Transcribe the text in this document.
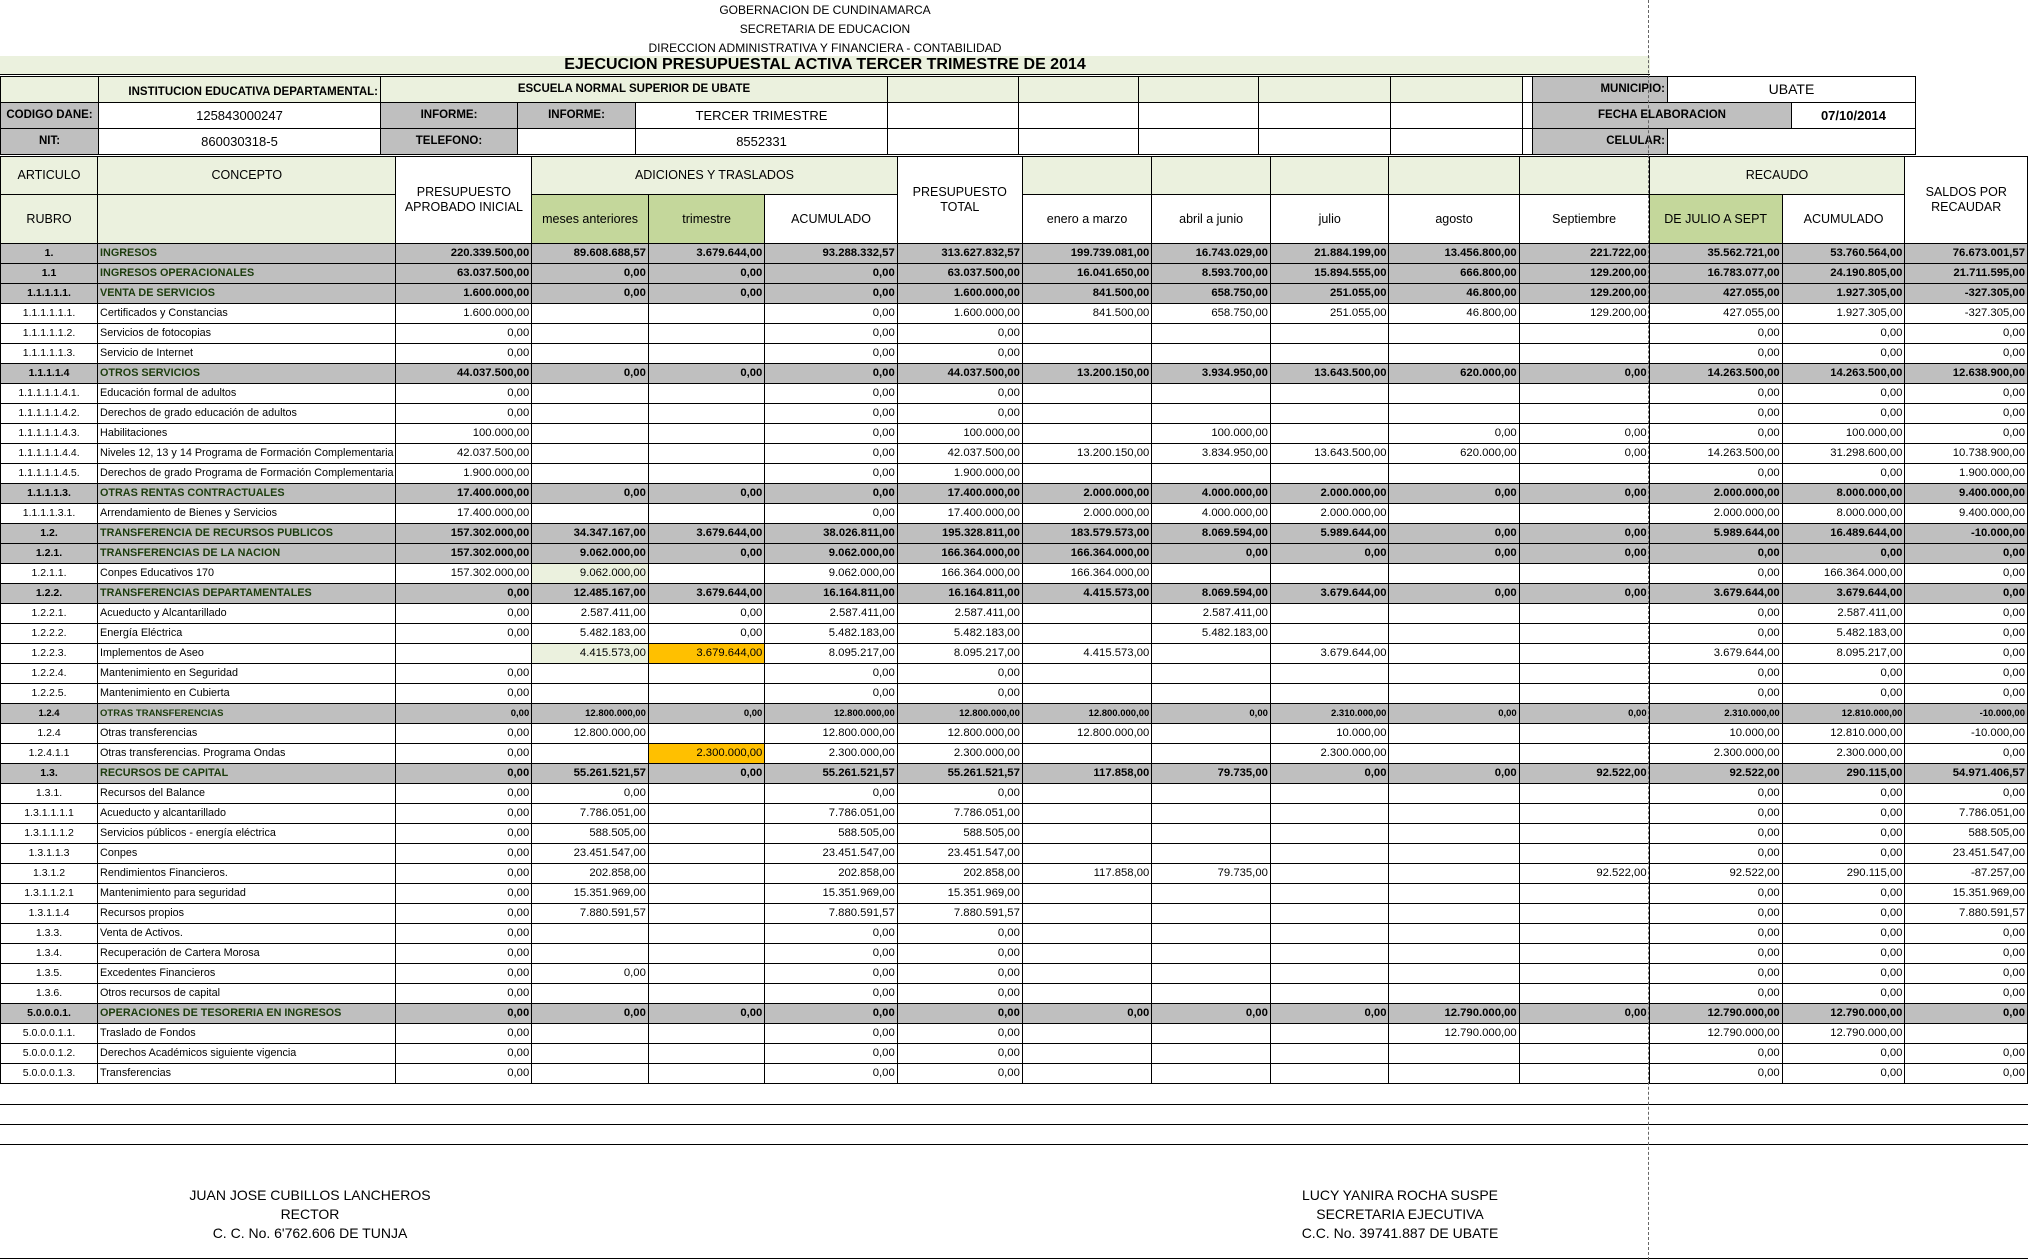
GOBERNACION DE CUNDINAMARCA
SECRETARIA DE EDUCACION
DIRECCION ADMINISTRATIVA Y FINANCIERA - CONTABILIDAD
EJECUCION PRESUPUESTAL ACTIVA TERCER TRIMESTRE DE 2014
	INSTITUCION EDUCATIVA DEPARTAMENTAL:	ESCUELA NORMAL SUPERIOR DE UBATE									MUNICIPIO:	UBATE	
CODIGO DANE:	125843000247	INFORME:	INFORME:	TERCER TRIMESTRE							FECHA ELABORACION		07/10/2014
NIT:	860030318-5	TELEFONO:		8552331							CELULAR:		
ARTICULO	CONCEPTO	PRESUPUESTO APROBADO INICIAL	ADICIONES Y TRASLADOS			PRESUPUESTO TOTAL						RECAUDO		SALDOS POR RECAUDAR
RUBRO			meses anteriores	trimestre	ACUMULADO		enero a marzo	abril a junio	julio	agosto	Septiembre	DE JULIO A SEPT	ACUMULADO	
1.	INGRESOS	220.339.500,00	89.608.688,57	3.679.644,00	93.288.332,57	313.627.832,57	199.739.081,00	16.743.029,00	21.884.199,00	13.456.800,00	221.722,00	35.562.721,00	53.760.564,00	76.673.001,57
1.1	INGRESOS OPERACIONALES	63.037.500,00	0,00	0,00	0,00	63.037.500,00	16.041.650,00	8.593.700,00	15.894.555,00	666.800,00	129.200,00	16.783.077,00	24.190.805,00	21.711.595,00
1.1.1.1.1.	VENTA DE SERVICIOS	1.600.000,00	0,00	0,00	0,00	1.600.000,00	841.500,00	658.750,00	251.055,00	46.800,00	129.200,00	427.055,00	1.927.305,00	-327.305,00
1.1.1.1.1.1.	Certificados y Constancias	1.600.000,00			0,00	1.600.000,00	841.500,00	658.750,00	251.055,00	46.800,00	129.200,00	427.055,00	1.927.305,00	-327.305,00
1.1.1.1.1.2.	Servicios de fotocopias	0,00			0,00	0,00						0,00	0,00	0,00
1.1.1.1.1.3.	Servicio de Internet	0,00			0,00	0,00						0,00	0,00	0,00
1.1.1.1.4	OTROS SERVICIOS	44.037.500,00	0,00	0,00	0,00	44.037.500,00	13.200.150,00	3.934.950,00	13.643.500,00	620.000,00	0,00	14.263.500,00	14.263.500,00	12.638.900,00
1.1.1.1.1.4.1.	Educación formal de adultos	0,00			0,00	0,00						0,00	0,00	0,00
1.1.1.1.1.4.2.	Derechos de grado educación de adultos	0,00			0,00	0,00						0,00	0,00	0,00
1.1.1.1.1.4.3.	Habilitaciones	100.000,00			0,00	100.000,00		100.000,00		0,00	0,00	0,00	100.000,00	0,00
1.1.1.1.1.4.4.	Niveles 12, 13 y 14 Programa de Formación Complementaria	42.037.500,00			0,00	42.037.500,00	13.200.150,00	3.834.950,00	13.643.500,00	620.000,00	0,00	14.263.500,00	31.298.600,00	10.738.900,00
1.1.1.1.1.4.5.	Derechos de grado Programa de Formación Complementaria	1.900.000,00			0,00	1.900.000,00						0,00	0,00	1.900.000,00
1.1.1.1.3.	OTRAS RENTAS CONTRACTUALES	17.400.000,00	0,00	0,00	0,00	17.400.000,00	2.000.000,00	4.000.000,00	2.000.000,00	0,00	0,00	2.000.000,00	8.000.000,00	9.400.000,00
1.1.1.1.3.1.	Arrendamiento de Bienes y Servicios	17.400.000,00			0,00	17.400.000,00	2.000.000,00	4.000.000,00	2.000.000,00			2.000.000,00	8.000.000,00	9.400.000,00
1.2.	TRANSFERENCIA DE RECURSOS PUBLICOS	157.302.000,00	34.347.167,00	3.679.644,00	38.026.811,00	195.328.811,00	183.579.573,00	8.069.594,00	5.989.644,00	0,00	0,00	5.989.644,00	16.489.644,00	-10.000,00
1.2.1.	TRANSFERENCIAS DE LA NACION	157.302.000,00	9.062.000,00	0,00	9.062.000,00	166.364.000,00	166.364.000,00	0,00	0,00	0,00	0,00	0,00	0,00	0,00
1.2.1.1.	Conpes Educativos 170	157.302.000,00	9.062.000,00		9.062.000,00	166.364.000,00	166.364.000,00					0,00	166.364.000,00	0,00
1.2.2.	TRANSFERENCIAS DEPARTAMENTALES	0,00	12.485.167,00	3.679.644,00	16.164.811,00	16.164.811,00	4.415.573,00	8.069.594,00	3.679.644,00	0,00	0,00	3.679.644,00	3.679.644,00	0,00
1.2.2.1.	Acueducto y Alcantarillado	0,00	2.587.411,00	0,00	2.587.411,00	2.587.411,00		2.587.411,00				0,00	2.587.411,00	0,00
1.2.2.2.	Energía Eléctrica	0,00	5.482.183,00	0,00	5.482.183,00	5.482.183,00		5.482.183,00				0,00	5.482.183,00	0,00
1.2.2.3.	Implementos de Aseo		4.415.573,00	3.679.644,00	8.095.217,00	8.095.217,00	4.415.573,00		3.679.644,00			3.679.644,00	8.095.217,00	0,00
1.2.2.4.	Mantenimiento en Seguridad	0,00			0,00	0,00						0,00	0,00	0,00
1.2.2.5.	Mantenimiento en Cubierta	0,00			0,00	0,00						0,00	0,00	0,00
1.2.4	OTRAS TRANSFERENCIAS	0,00	12.800.000,00	0,00	12.800.000,00	12.800.000,00	12.800.000,00	0,00	2.310.000,00	0,00	0,00	2.310.000,00	12.810.000,00	-10.000,00
1.2.4	Otras transferencias	0,00	12.800.000,00		12.800.000,00	12.800.000,00	12.800.000,00		10.000,00			10.000,00	12.810.000,00	-10.000,00
1.2.4.1.1	Otras transferencias. Programa Ondas	0,00		2.300.000,00	2.300.000,00	2.300.000,00			2.300.000,00			2.300.000,00	2.300.000,00	0,00
1.3.	RECURSOS DE CAPITAL	0,00	55.261.521,57	0,00	55.261.521,57	55.261.521,57	117.858,00	79.735,00	0,00	0,00	92.522,00	92.522,00	290.115,00	54.971.406,57
1.3.1.	Recursos del Balance	0,00	0,00		0,00	0,00						0,00	0,00	0,00
1.3.1.1.1.1	Acueducto y alcantarillado	0,00	7.786.051,00		7.786.051,00	7.786.051,00						0,00	0,00	7.786.051,00
1.3.1.1.1.2	Servicios públicos - energía eléctrica	0,00	588.505,00		588.505,00	588.505,00						0,00	0,00	588.505,00
1.3.1.1.3	Conpes	0,00	23.451.547,00		23.451.547,00	23.451.547,00						0,00	0,00	23.451.547,00
1.3.1.2	Rendimientos Financieros.	0,00	202.858,00		202.858,00	202.858,00	117.858,00	79.735,00			92.522,00	92.522,00	290.115,00	-87.257,00
1.3.1.1.2.1	Mantenimiento para seguridad	0,00	15.351.969,00		15.351.969,00	15.351.969,00						0,00	0,00	15.351.969,00
1.3.1.1.4	Recursos propios	0,00	7.880.591,57		7.880.591,57	7.880.591,57						0,00	0,00	7.880.591,57
1.3.3.	Venta de Activos.	0,00			0,00	0,00						0,00	0,00	0,00
1.3.4.	Recuperación de Cartera Morosa	0,00			0,00	0,00						0,00	0,00	0,00
1.3.5.	Excedentes Financieros	0,00	0,00		0,00	0,00						0,00	0,00	0,00
1.3.6.	Otros recursos de capital	0,00			0,00	0,00						0,00	0,00	0,00
5.0.0.0.1.	OPERACIONES DE TESORERIA EN INGRESOS	0,00	0,00	0,00	0,00	0,00	0,00	0,00	0,00	12.790.000,00	0,00	12.790.000,00	12.790.000,00	0,00
5.0.0.0.1.1.	Traslado de Fondos	0,00			0,00	0,00				12.790.000,00		12.790.000,00	12.790.000,00	
5.0.0.0.1.2.	Derechos Académicos siguiente vigencia	0,00			0,00	0,00						0,00	0,00	0,00
5.0.0.0.1.3.	Transferencias	0,00			0,00	0,00						0,00	0,00	0,00
JUAN JOSE CUBILLOS LANCHEROS
RECTOR
C. C. No. 6'762.606 DE TUNJA
LUCY YANIRA ROCHA SUSPE
SECRETARIA EJECUTIVA
C.C. No. 39741.887 DE UBATE
